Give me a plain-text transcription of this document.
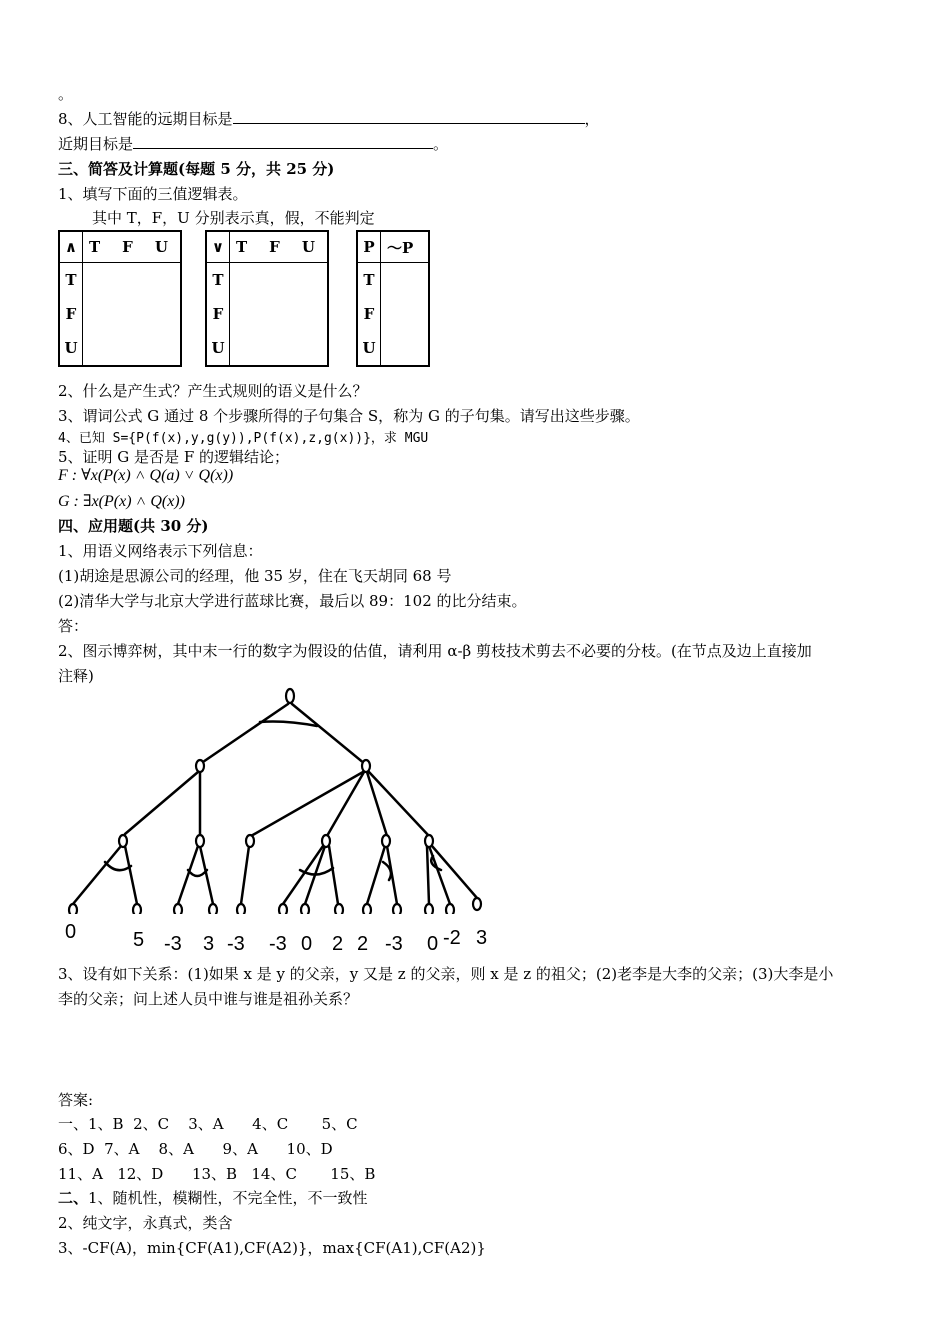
。
8、人工智能的远期目标是	，
近期目标是	。
三、简答及计算题(每题 5 分，共 25 分)
1、填写下面的三值逻辑表。
其中 T，F，U 分别表示真，假，不能判定
∧	T F U
T	
F	
U	
∨	T F U
T	
F	
U	
P	～P
T	
F	
U	
2、什么是产生式？产生式规则的语义是什么？
3、谓词公式 G 通过 8 个步骤所得的子句集合 S，称为 G 的子句集。请写出这些步骤。
4、已知 S={P(f(x),y,g(y)),P(f(x),z,g(x))}，求 MGU
5、证明 G 是否是 F 的逻辑结论；
F : ∀x(P(x) ˄ Q(a) ˅ Q(x))
G : ∃x(P(x) ˄ Q(x))
四、应用题(共 30 分)
1、用语义网络表示下列信息：
(1)胡途是思源公司的经理，他 35 岁，住在飞天胡同 68 号
(2)清华大学与北京大学进行蓝球比赛，最后以 89：102 的比分结束。
答：
2、图示博弈树，其中末一行的数字为假设的估值，请利用 α-β 剪枝技术剪去不必要的分枝。(在节点及边上直接加
注释)
0	5 -3 3 -3 -3 0 2 2 -3 0 -2 3
3、设有如下关系：(1)如果 x 是 y 的父亲，y 又是 z 的父亲，则 x 是 z 的祖父；(2)老李是大李的父亲；(3)大李是小
李的父亲；问上述人员中谁与谁是祖孙关系？
答案:
一、1、B  2、C    3、A      4、C       5、C
6、D  7、A    8、A      9、A      10、D
11、A   12、D      13、B   14、C       15、B
二、1、随机性，模糊性，不完全性，不一致性
2、纯文字，永真式，类含
3、-CF(A)，min{CF(A1),CF(A2)}，max{CF(A1),CF(A2)}
